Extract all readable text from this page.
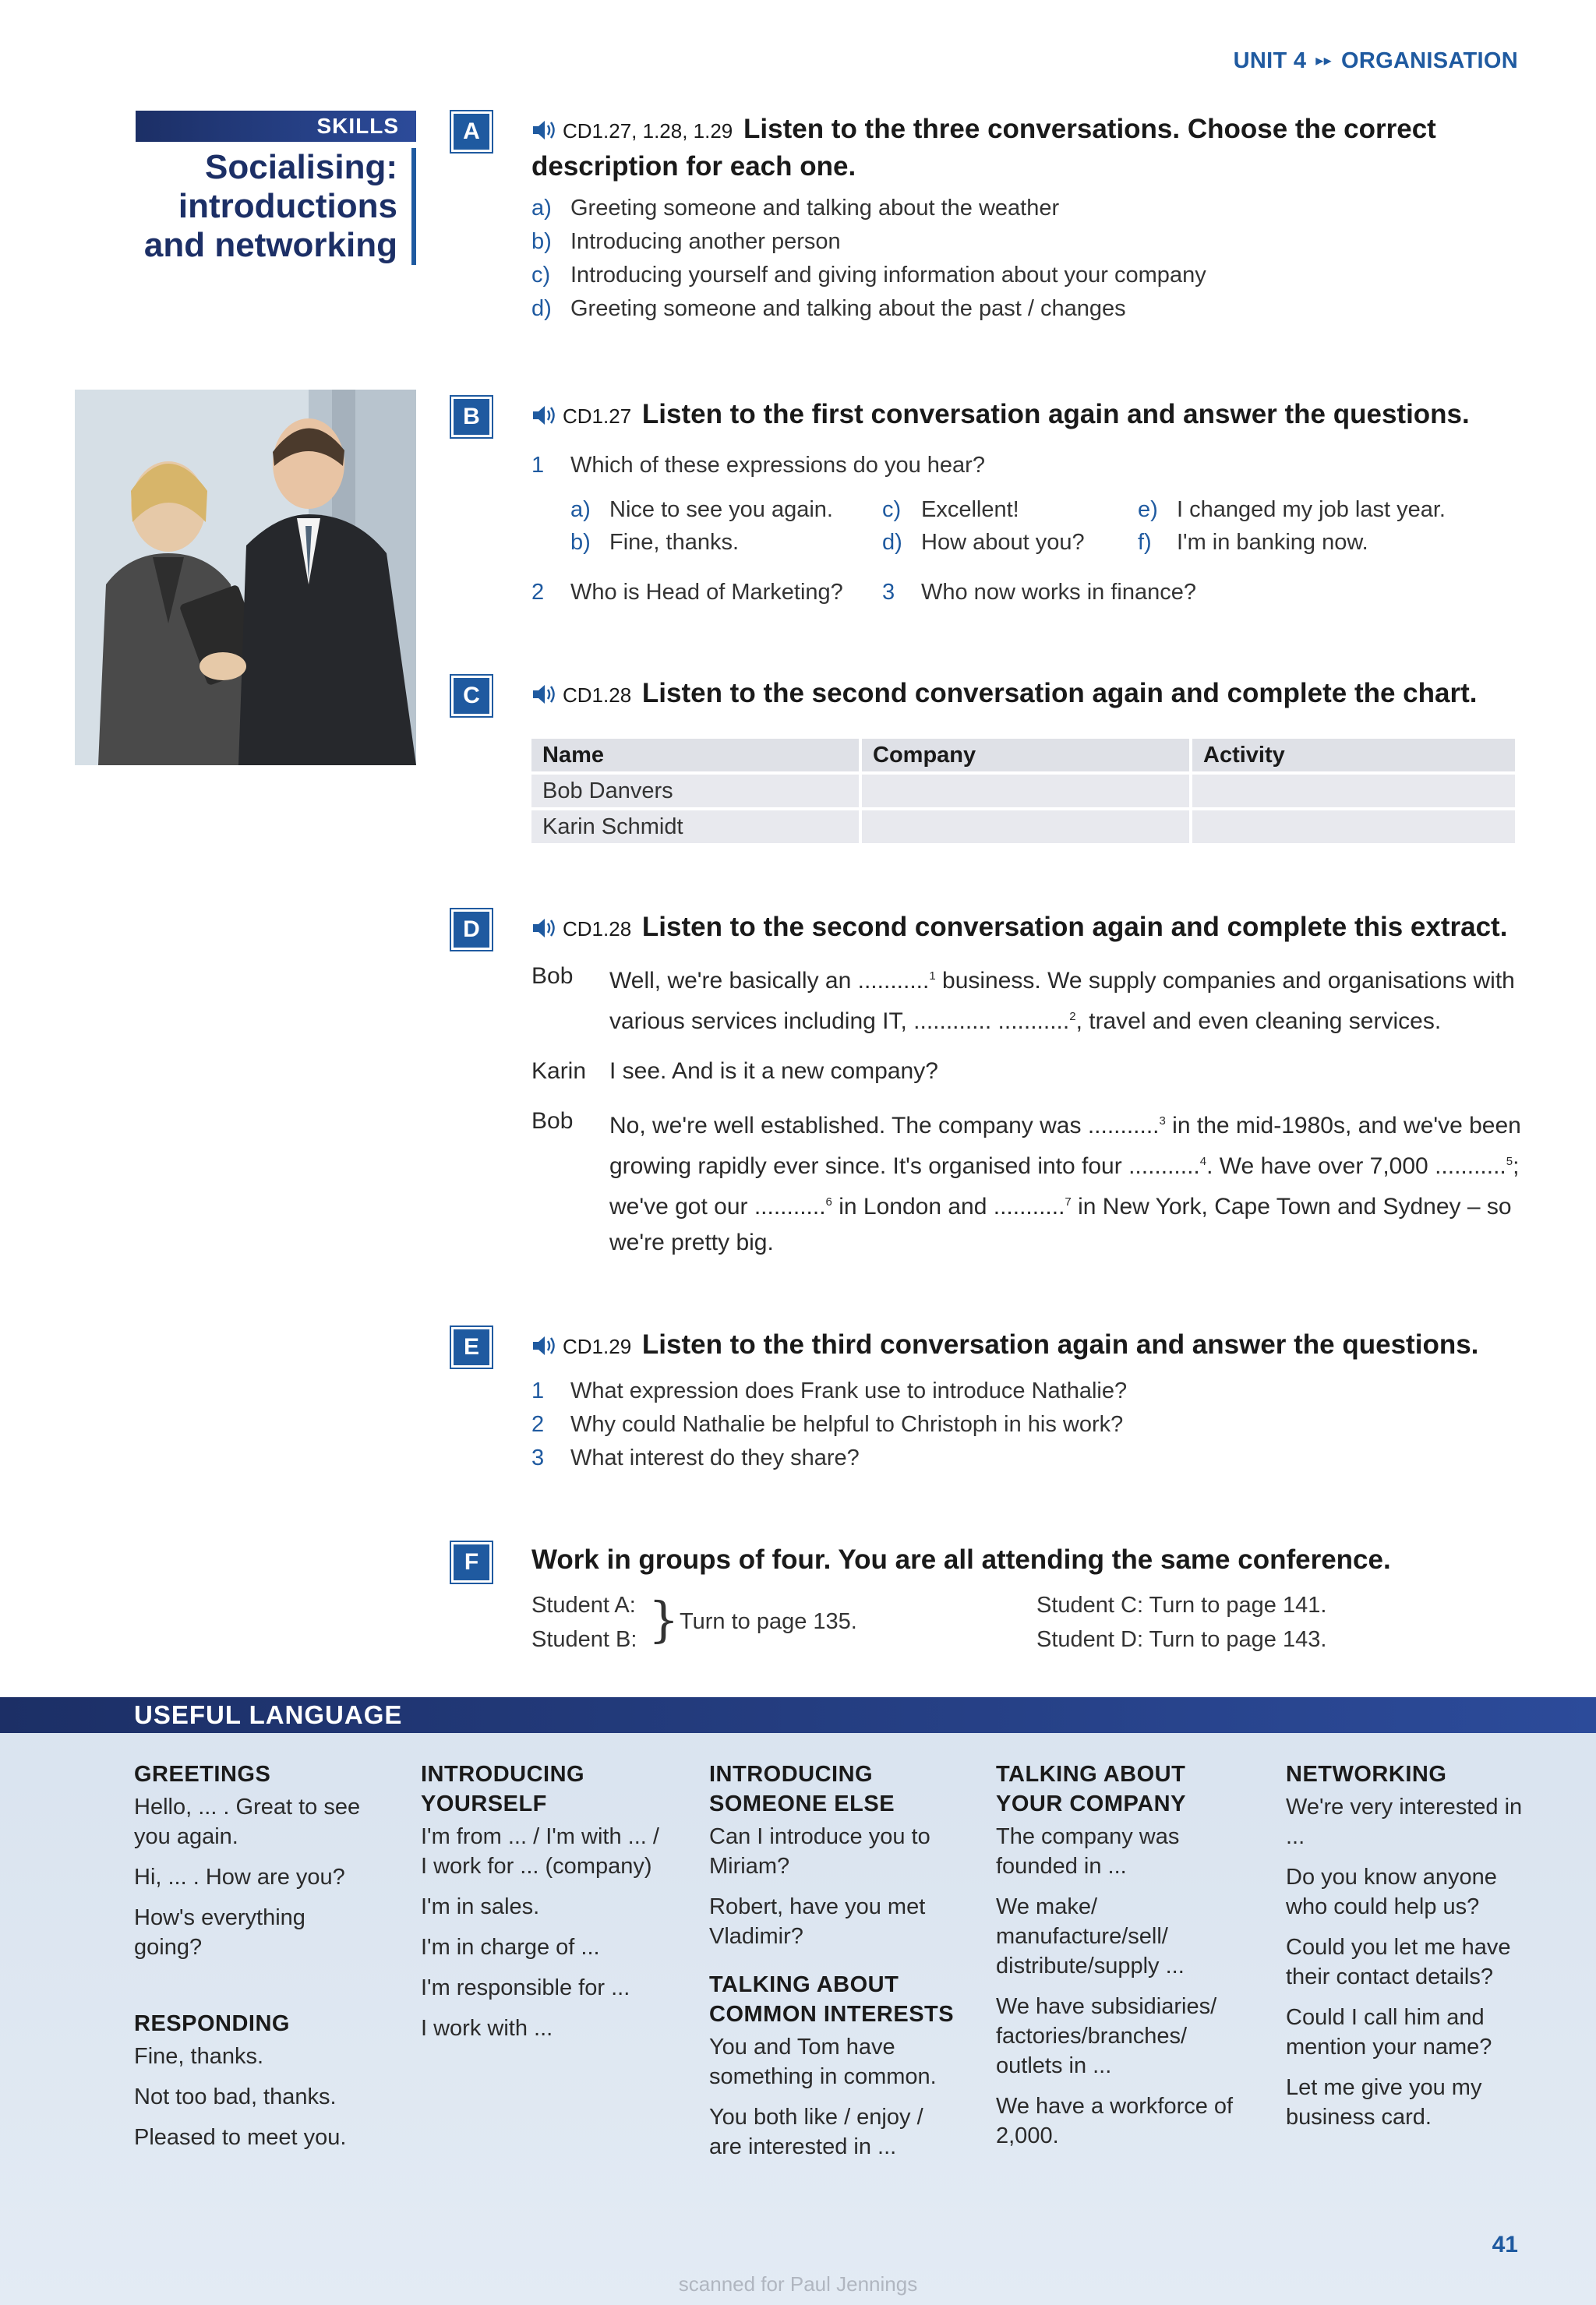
UNIT 4 ▸▸ ORGANISATION
SKILLS
Socialising:
introductions
and networking
A	CD1.27, 1.28, 1.29 Listen to the three conversations. Choose the correct description for each one.
a) Greeting someone and talking about the weather
b) Introducing another person
c) Introducing yourself and giving information about your company
d) Greeting someone and talking about the past / changes
B	CD1.27 Listen to the first conversation again and answer the questions.
1 Which of these expressions do you hear?
a) Nice to see you again. c) Excellent!	e) I changed my job last year.
b) Fine, thanks.	d) How about you? f) I'm in banking now.
2 Who is Head of Marketing? 3 Who now works in finance?
C	CD1.28 Listen to the second conversation again and complete the chart.
Name	Company	Activity
Bob Danvers		
Karin Schmidt		
D	CD1.28 Listen to the second conversation again and complete this extract.
Bob	Well, we're basically an ...........$^1$ business. We supply companies and organisations with various services including IT, ............ ...........$^2$, travel and even cleaning services.
Karin I see. And is it a new company?
Bob	No, we're well established. The company was ...........$^3$ in the mid-1980s, and we've been growing rapidly ever since. It's organised into four ...........$^4$. We have over 7,000 ...........$^5$; we've got our ...........$^6$ in London and ...........$^7$ in New York, Cape Town and Sydney – so we're pretty big.
E	CD1.29 Listen to the third conversation again and answer the questions.
1 What expression does Frank use to introduce Nathalie?
2 Why could Nathalie be helpful to Christoph in his work?
3 What interest do they share?
F	Work in groups of four. You are all attending the same conference.
Student A:
Student B: } Turn to page 135.
Student C: Turn to page 141.
Student D: Turn to page 143.
USEFUL LANGUAGE
GREETINGS
Hello, ... . Great to see you again.
Hi, ... . How are you?
How's everything going?
RESPONDING
Fine, thanks.
Not too bad, thanks.
Pleased to meet you.
INTRODUCING YOURSELF
I'm from ... / I'm with ... / I work for ... (company)
I'm in sales.
I'm in charge of ...
I'm responsible for ...
I work with ...
INTRODUCING SOMEONE ELSE
Can I introduce you to Miriam?
Robert, have you met Vladimir?
TALKING ABOUT COMMON INTERESTS
You and Tom have something in common.
You both like / enjoy / are interested in ...
TALKING ABOUT YOUR COMPANY
The company was founded in ...
We make/ manufacture/sell/ distribute/supply ...
We have subsidiaries/ factories/branches/ outlets in ...
We have a workforce of 2,000.
NETWORKING
We're very interested in ...
Do you know anyone who could help us?
Could you let me have their contact details?
Could I call him and mention your name?
Let me give you my business card.
41
scanned for Paul Jennings
